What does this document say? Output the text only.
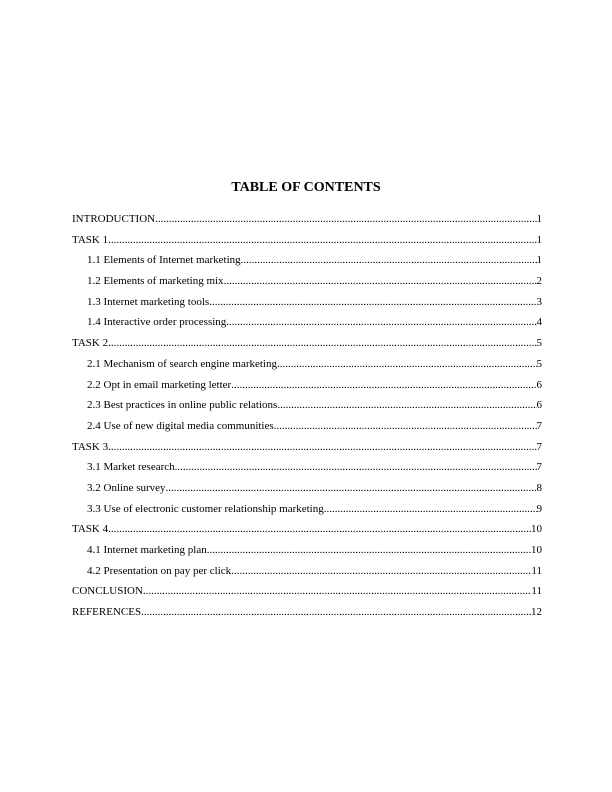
TABLE OF CONTENTS
INTRODUCTION .....	1
TASK 1 .....	1
1.1 Elements of Internet marketing .....	1
1.2 Elements of marketing mix .....	2
1.3 Internet marketing tools .....	3
1.4 Interactive order processing .....	4
TASK 2 .....	5
2.1 Mechanism of search engine marketing .....	5
2.2 Opt in email marketing letter .....	6
2.3 Best practices in online public relations .....	6
2.4 Use of new digital media communities .....	7
TASK 3 .....	7
3.1 Market research .....	7
3.2 Online survey .....	8
3.3 Use of electronic customer relationship marketing .....	9
TASK 4 .....	10
4.1 Internet marketing plan .....	10
4.2 Presentation on pay per click .....	11
CONCLUSION .....	11
REFERENCES .....	12
